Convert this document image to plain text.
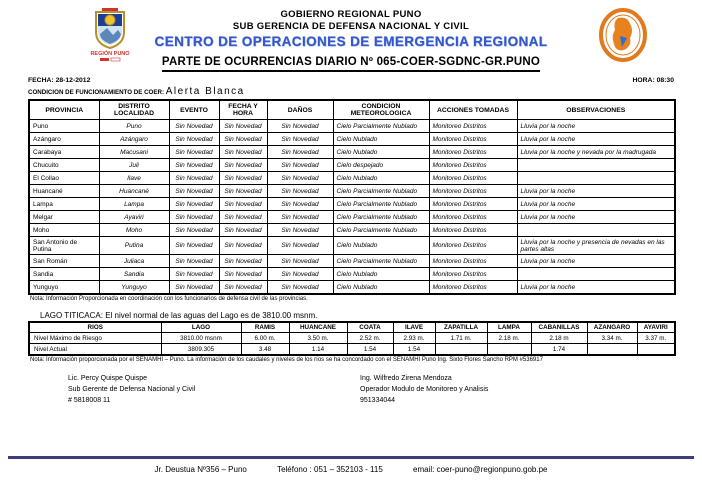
REGIÓN PUNO
GOBIERNO REGIONAL PUNO
SUB GERENCIA DE DEFENSA NACIONAL Y CIVIL
CENTRO DE OPERACIONES DE EMERGENCIA REGIONAL
PARTE DE OCURRENCIAS DIARIO Nº 065-COER-SGDNC-GR.PUNO
FECHA: 28-12-2012	HORA: 08:30
CONDICION DE FUNCIONAMIENTO DE COER: Alerta Blanca
PROVINCIA	DISTRITO LOCALIDAD	EVENTO	FECHA Y HORA	DAÑOS	CONDICION METEOROLOGICA	ACCIONES TOMADAS	OBSERVACIONES
Puno	Puno	Sin Novedad	Sin Novedad	Sin Novedad	Cielo Parcialmente Nublado	Monitoreo Distritos	Lluvia por la noche
Azángaro	Azángaro	Sin Novedad	Sin Novedad	Sin Novedad	Cielo Nublado	Monitoreo Distritos	Lluvia por la noche
Carabaya	Macusani	Sin Novedad	Sin Novedad	Sin Novedad	Cielo Nublado	Monitoreo Distritos	Lluvia por la noche y nevada por la madrugada
Chucuito	Juli	Sin Novedad	Sin Novedad	Sin Novedad	Cielo despejado	Monitoreo Distritos	
El Collao	Ilave	Sin Novedad	Sin Novedad	Sin Novedad	Cielo Nublado	Monitoreo Distritos	
Huancané	Huancané	Sin Novedad	Sin Novedad	Sin Novedad	Cielo Parcialmente Nublado	Monitoreo Distritos	Lluvia por la noche
Lampa	Lampa	Sin Novedad	Sin Novedad	Sin Novedad	Cielo Parcialmente Nublado	Monitoreo Distritos	Lluvia por la noche
Melgar	Ayaviri	Sin Novedad	Sin Novedad	Sin Novedad	Cielo Parcialmente Nublado	Monitoreo Distritos	Lluvia por la noche
Moho	Moho	Sin Novedad	Sin Novedad	Sin Novedad	Cielo Parcialmente Nublado	Monitoreo Distritos	
San Antonio de Putina	Putina	Sin Novedad	Sin Novedad	Sin Novedad	Cielo Nublado	Monitoreo Distritos	Lluvia por la noche y presencia de nevadas en las partes altas
San Román	Juliaca	Sin Novedad	Sin Novedad	Sin Novedad	Cielo Parcialmente Nublado	Monitoreo Distritos	Lluvia por la noche
Sandia	Sandia	Sin Novedad	Sin Novedad	Sin Novedad	Cielo Nublado	Monitoreo Distritos	
Yunguyo	Yunguyo	Sin Novedad	Sin Novedad	Sin Novedad	Cielo Nublado	Monitoreo Distritos	Lluvia por la noche
Nota: Información Proporcionada en coordinación con los funcionarios de defensa civil de las provincias.
LAGO TITICACA: El nivel normal de las aguas del Lago es de 3810.00 msnm.
RIOS	LAGO	RAMIS	HUANCANE	COATA	ILAVE	ZAPATILLA	LAMPA	CABANILLAS	AZANGARO	AYAVIRI
Nivel Máximo de Riesgo	3810.00 msnm	6.00 m.	3.50 m.	2.52 m.	2.93 m.	1.71 m.	2.18 m.	2.18 m	3.34 m.	3.37 m.
Nivel Actual	3809.305	3.48	1.14	1.54	1.54			1.74		
Nota: Información proporcionada por el SENAMHI – Puno. La información de los caudales y niveles de los ríos se ha concordado con el SENAMHI Puno Ing. Sixto Flores Sancho RPM #536917
Lic. Percy Quispe Quispe
Sub Gerente de Defensa Nacional y Civil
# 5818008 11
Ing. Wilfredo Zirena Mendoza
Operador Modulo de Monitoreo y Analisis
951334044
Jr. Deustua Nº356 – Puno	Teléfono : 051 – 352103 - 115	email: coer-puno@regionpuno.gob.pe
